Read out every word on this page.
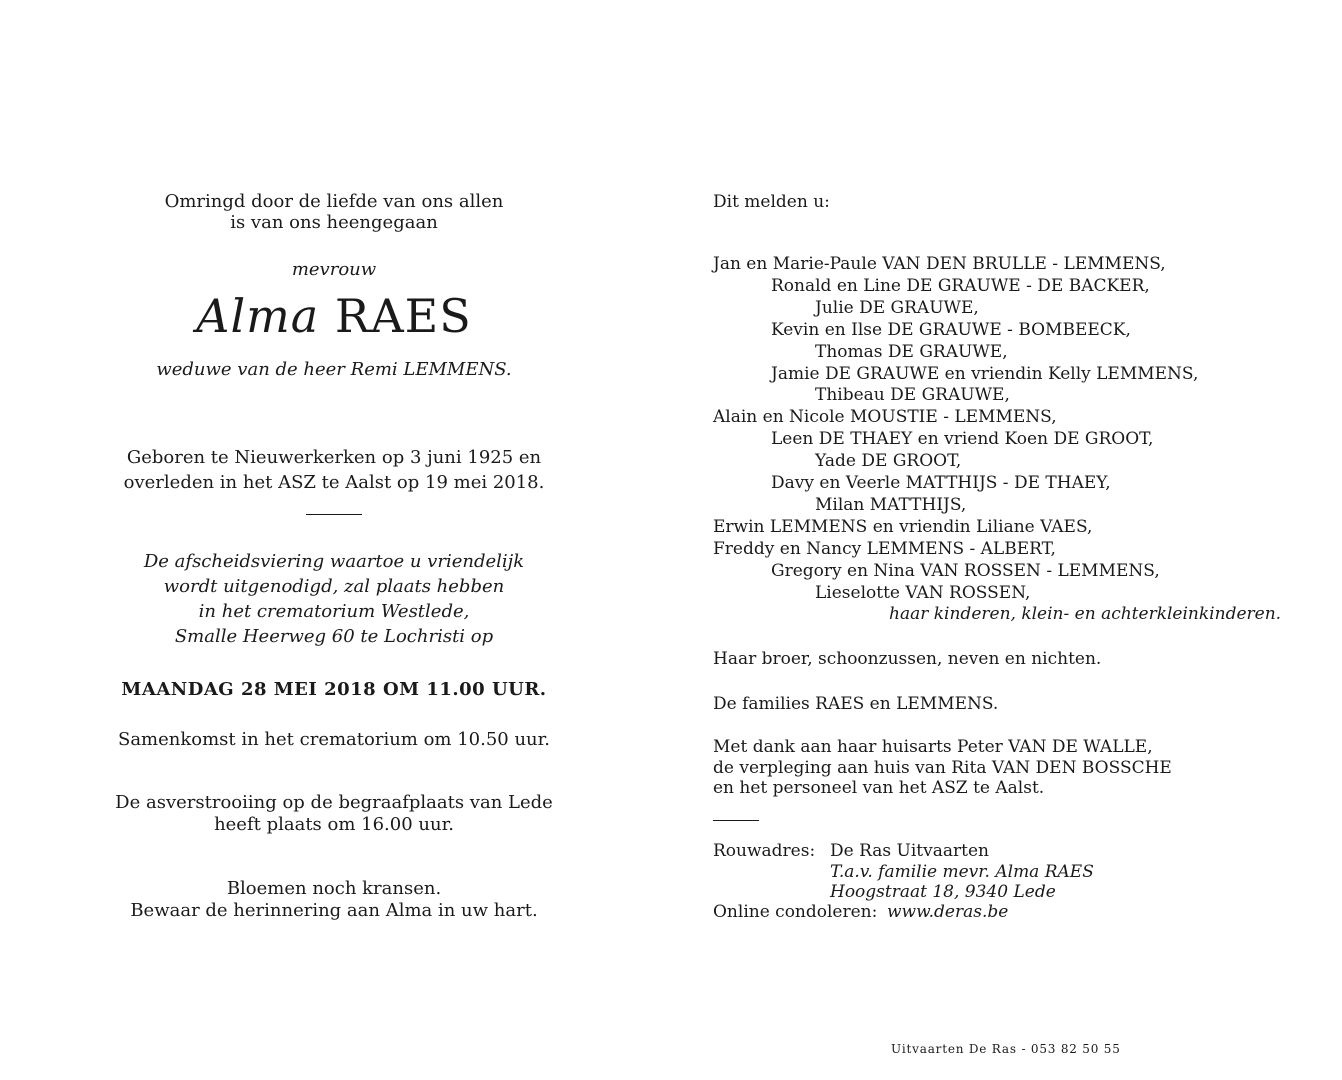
Omringd door de liefde van ons allen
is van ons heengegaan
mevrouw
Alma RAES
weduwe van de heer Remi LEMMENS.
Geboren te Nieuwerkerken op 3 juni 1925 en
overleden in het ASZ te Aalst op 19 mei 2018.
De afscheidsviering waartoe u vriendelijk
wordt uitgenodigd, zal plaats hebben
in het crematorium Westlede,
Smalle Heerweg 60 te Lochristi op
MAANDAG 28 MEI 2018 OM 11.00 UUR.
Samenkomst in het crematorium om 10.50 uur.
De asverstrooiing op de begraafplaats van Lede
heeft plaats om 16.00 uur.
Bloemen noch kransen.
Bewaar de herinnering aan Alma in uw hart.
Dit melden u:
Jan en Marie-Paule VAN DEN BRULLE - LEMMENS,
Ronald en Line DE GRAUWE - DE BACKER,
Julie DE GRAUWE,
Kevin en Ilse DE GRAUWE - BOMBEECK,
Thomas DE GRAUWE,
Jamie DE GRAUWE en vriendin Kelly LEMMENS,
Thibeau DE GRAUWE,
Alain en Nicole MOUSTIE - LEMMENS,
Leen DE THAEY en vriend Koen DE GROOT,
Yade DE GROOT,
Davy en Veerle MATTHIJS - DE THAEY,
Milan MATTHIJS,
Erwin LEMMENS en vriendin Liliane VAES,
Freddy en Nancy LEMMENS - ALBERT,
Gregory en Nina VAN ROSSEN - LEMMENS,
Lieselotte VAN ROSSEN,
haar kinderen, klein- en achterkleinkinderen.
Haar broer, schoonzussen, neven en nichten.
De families RAES en LEMMENS.
Met dank aan haar huisarts Peter VAN DE WALLE,
de verpleging aan huis van Rita VAN DEN BOSSCHE
en het personeel van het ASZ te Aalst.
Rouwadres: De Ras Uitvaarten
T.a.v. familie mevr. Alma RAES
Hoogstraat 18, 9340 Lede
Online condoleren: www.deras.be
Uitvaarten De Ras - 053 82 50 55
